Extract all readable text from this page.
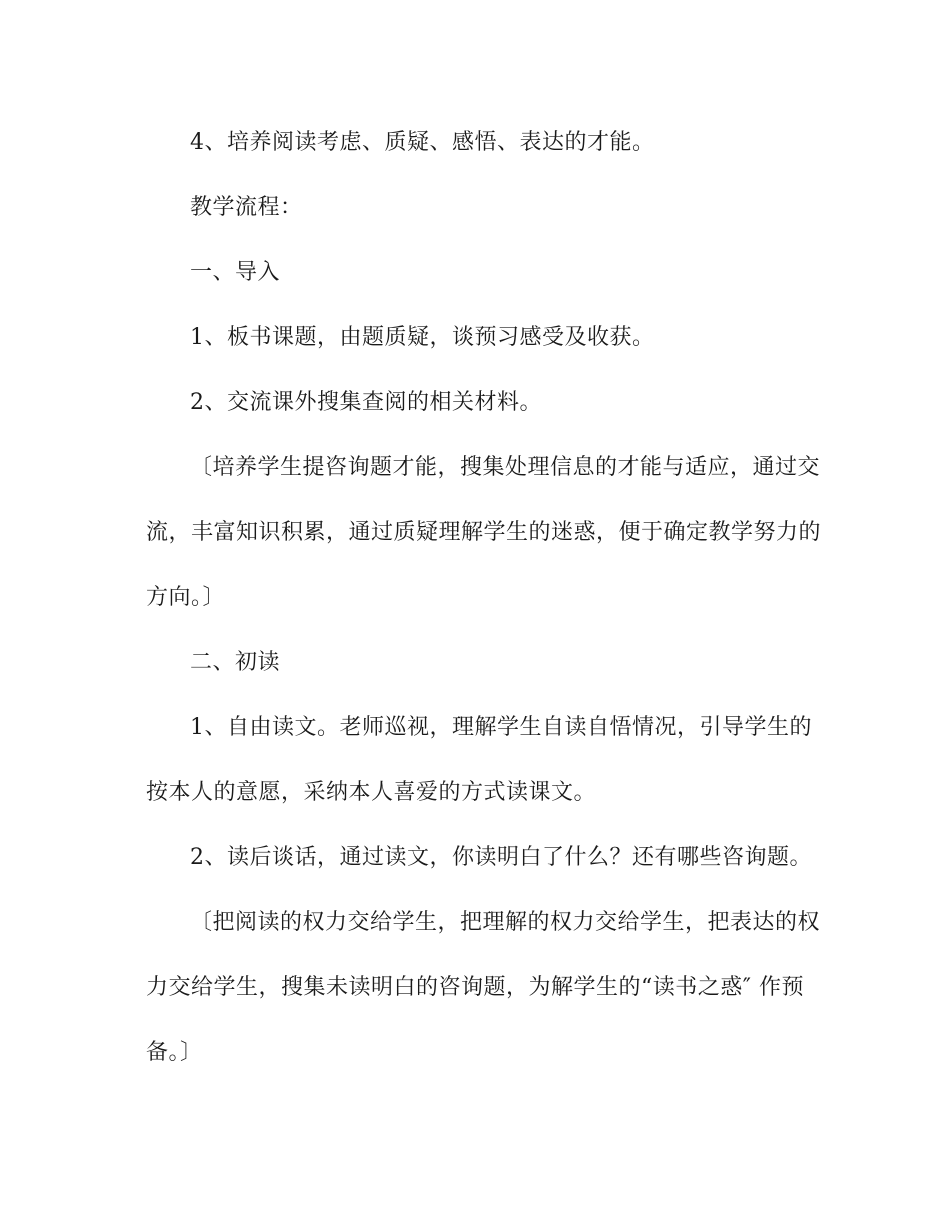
4、培养阅读考虑、质疑、感悟、表达的才能。
教学流程：
一、导入
1、板书课题，由题质疑，谈预习感受及收获。
2、交流课外搜集查阅的相关材料。
〔培养学生提咨询题才能，搜集处理信息的才能与适应，通过交
流，丰富知识积累，通过质疑理解学生的迷惑，便于确定教学努力的
方向。〕
二、初读
1、自由读文。老师巡视，理解学生自读自悟情况，引导学生的
按本人的意愿，采纳本人喜爱的方式读课文。
2、读后谈话，通过读文，你读明白了什么？还有哪些咨询题。
〔把阅读的权力交给学生，把理解的权力交给学生，把表达的权
力交给学生，搜集未读明白的咨询题，为解学生的“读书之惑″ 作预
备。〕
